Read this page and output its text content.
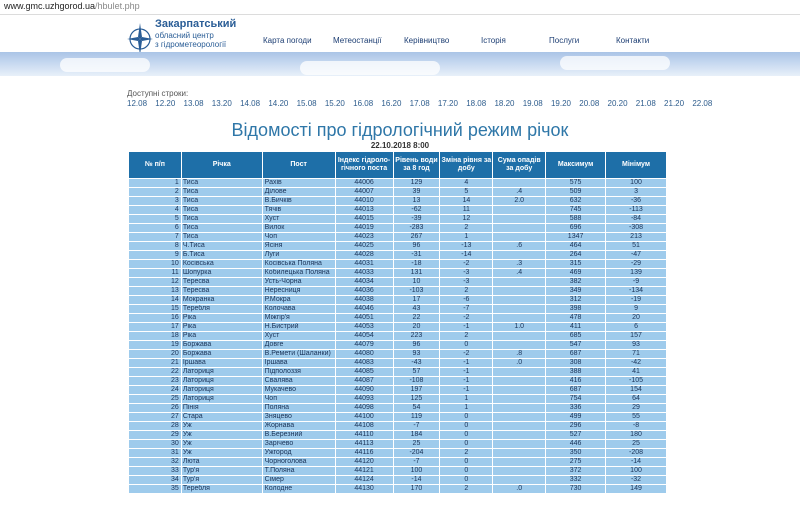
www.gmc.uzhgorod.ua/hbulet.php
Закарпатський
обласний центр
з гідрометеорології	Карта погоди	Метеостанції	Керівництво	Історія	Послуги	Контакти
Доступні строки:
12.08 12.20 13.08 13.20 14.08 14.20 15.08 15.20 16.08 16.20 17.08 17.20 18.08 18.20 19.08 19.20 20.08 20.20 21.08 21.20 22.08
Відомості про гідрологічний режим річок
22.10.2018 8:00
№ п/п	Річка	Пост	Індекс гідроло- гічного поста	Рівень води за 8 год	Зміна рівня за добу	Сума опадів за добу	Максимум	Мінімум
1	Тиса	Рахів	44006	129	4		575	100
2	Тиса	Ділове	44007	39	5	.4	509	3
3	Тиса	В.Бичків	44010	13	14	2.0	632	-36
4	Тиса	Тячів	44013	-62	11		745	-113
5	Тиса	Хуст	44015	-39	12		588	-84
6	Тиса	Вилок	44019	-283	2		696	-308
7	Тиса	Чоп	44023	267	1		1347	213
8	Ч.Тиса	Ясіня	44025	96	-13	.6	464	51
9	Б.Тиса	Луги	44028	-31	-14		264	-47
10	Косівська	Косівська Поляна	44031	-18	-2	.3	315	-29
11	Шопурка	Кобилецька Поляна	44033	131	-3	.4	469	139
12	Тересва	Усть-Чорна	44034	10	-3		382	-9
13	Тересва	Нересниця	44036	-103	2		349	-134
14	Мокранка	Р.Мокра	44038	17	-6		312	-19
15	Теребля	Колочава	44046	43	-7		398	9
16	Ріка	Міжгір'я	44051	22	-2		478	20
17	Ріка	Н.Бистрий	44053	20	-1	1.0	411	6
18	Ріка	Хуст	44054	223	2		685	157
19	Боржава	Довге	44079	96	0		547	93
20	Боржава	В.Ремети (Шаланки)	44080	93	-2	.8	687	71
21	Іршава	Іршава	44083	-43	-1	.0	308	-42
22	Латориця	Підполоззя	44085	57	-1		388	41
23	Латориця	Свалява	44087	-108	-1		416	-105
24	Латориця	Мукачево	44090	197	-1		687	154
25	Латориця	Чоп	44093	125	1		754	64
26	Пінія	Поляна	44098	54	1		336	29
27	Стара	Зняцево	44100	119	0		499	55
28	Уж	Жорнава	44108	-7	0		296	-8
29	Уж	В.Березний	44110	184	0		527	180
30	Уж	Зарічево	44113	25	0		446	25
31	Уж	Ужгород	44116	-204	2		350	-208
32	Люта	Чорноголова	44120	-7	0		275	-14
33	Тур'я	Т.Поляна	44121	100	0		372	100
34	Тур'я	Сімер	44124	-14	0		332	-32
35	Теребля	Колодне	44130	170	2	.0	730	149
